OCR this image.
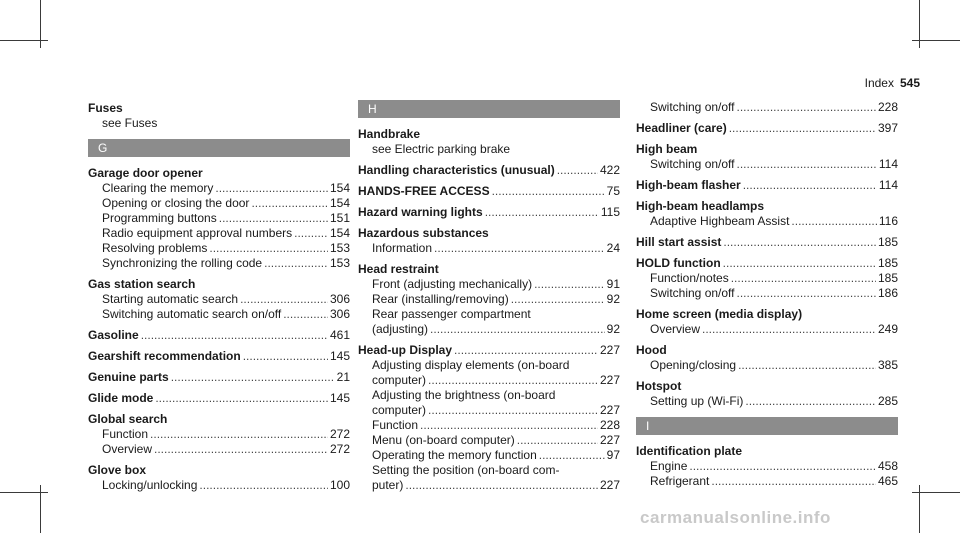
Index 545
Fuses
see Fuses
G
Garage door opener
Clearing the memory .....	154
Opening or closing the door .....	154
Programming buttons .....	151
Radio equipment approval numbers .....	154
Resolving problems .....	153
Synchronizing the rolling code .....	153
Gas station search
Starting automatic search .....	306
Switching automatic search on/off .....	306
Gasoline .....	461
Gearshift recommendation .....	145
Genuine parts .....	21
Glide mode .....	145
Global search
Function .....	272
Overview .....	272
Glove box
Locking/unlocking .....	100
H
Handbrake
see Electric parking brake
Handling characteristics (unusual) .....	422
HANDS-FREE ACCESS .....	75
Hazard warning lights .....	115
Hazardous substances
Information .....	24
Head restraint
Front (adjusting mechanically) .....	91
Rear (installing/removing) .....	92
Rear passenger compartment
(adjusting) .....	92
Head-up Display .....	227
Adjusting display elements (on-board
computer) .....	227
Adjusting the brightness (on-board
computer) .....	227
Function .....	228
Menu (on-board computer) .....	227
Operating the memory function .....	97
Setting the position (on-board com-
puter) .....	227
Switching on/off .....	228
Headliner (care) .....	397
High beam
Switching on/off .....	114
High-beam flasher .....	114
High-beam headlamps
Adaptive Highbeam Assist .....	116
Hill start assist .....	185
HOLD function .....	185
Function/notes .....	185
Switching on/off .....	186
Home screen (media display)
Overview .....	249
Hood
Opening/closing .....	385
Hotspot
Setting up (Wi-Fi) .....	285
I
Identification plate
Engine .....	458
Refrigerant .....	465
carmanualsonline.info
